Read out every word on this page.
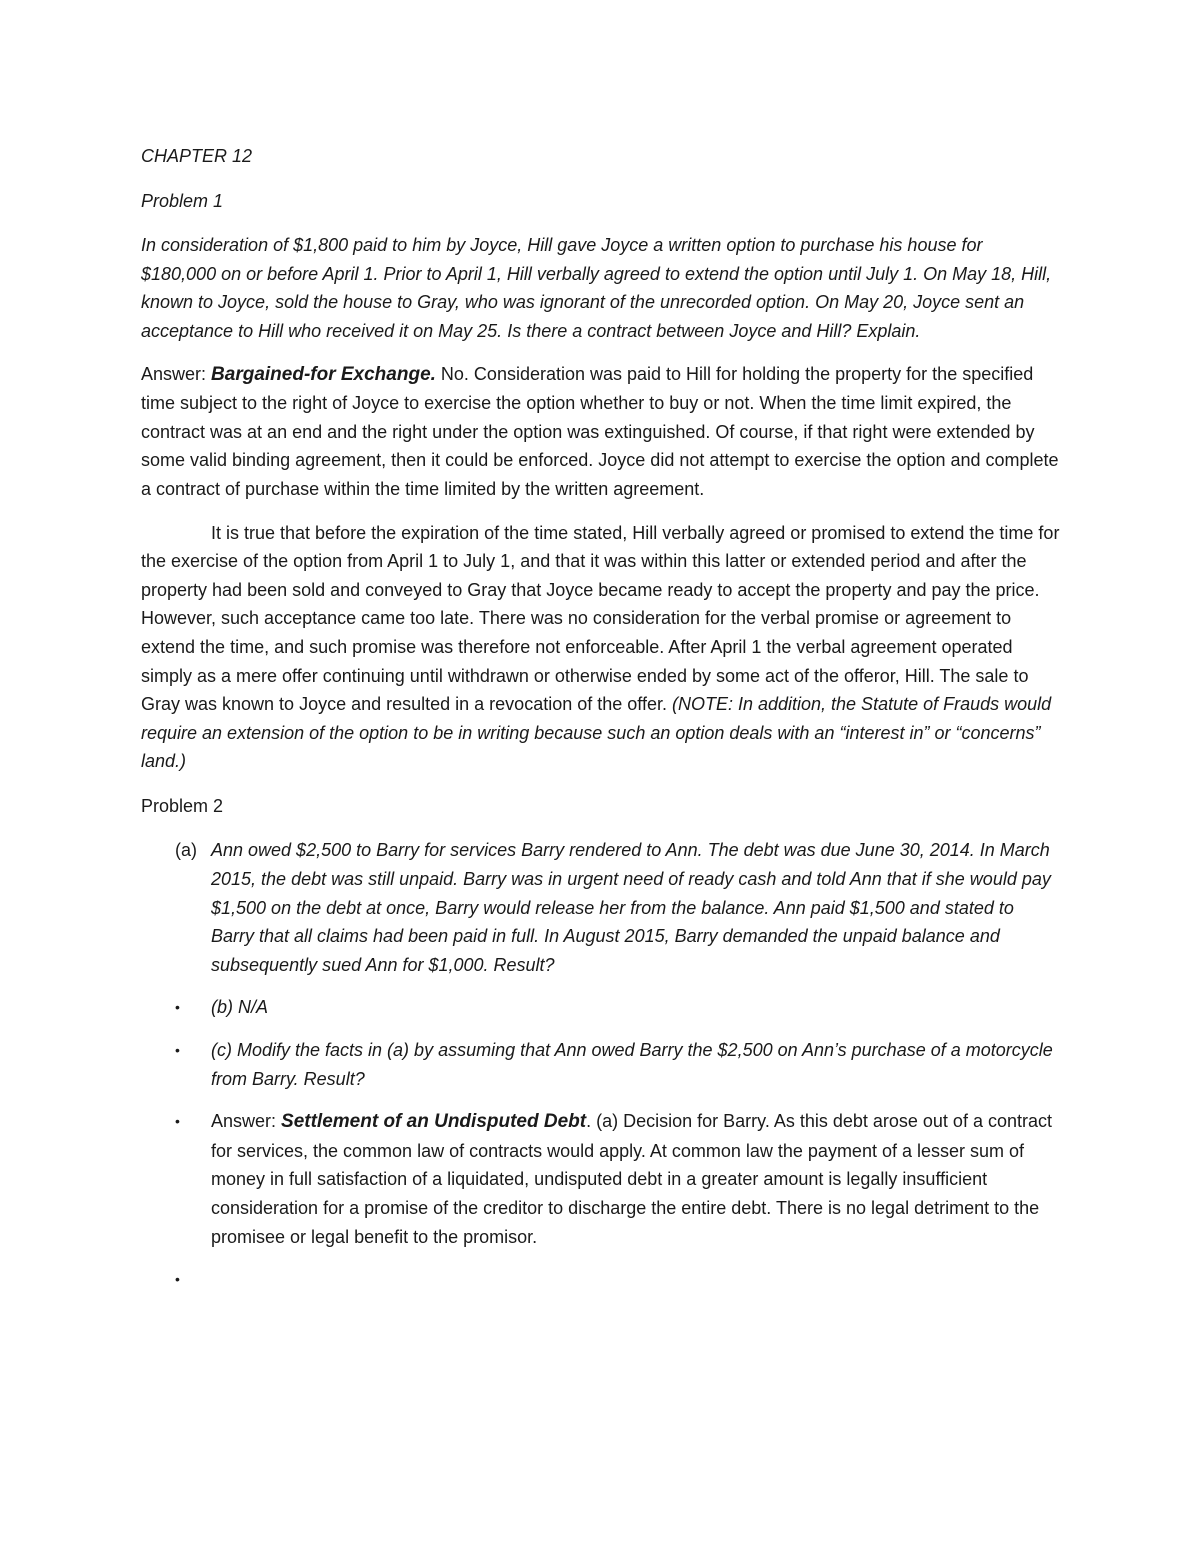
CHAPTER 12

Problem 1

In consideration of $1,800 paid to him by Joyce, Hill gave Joyce a written option to purchase his house for $180,000 on or before April 1. Prior to April 1, Hill verbally agreed to extend the option until July 1. On May 18, Hill, known to Joyce, sold the house to Gray, who was ignorant of the unrecorded option. On May 20, Joyce sent an acceptance to Hill who received it on May 25. Is there a contract between Joyce and Hill? Explain.

Answer: Bargained-for Exchange. No. Consideration was paid to Hill for holding the property for the specified time subject to the right of Joyce to exercise the option whether to buy or not. When the time limit expired, the contract was at an end and the right under the option was extinguished. Of course, if that right were extended by some valid binding agreement, then it could be enforced. Joyce did not attempt to exercise the option and complete a contract of purchase within the time limited by the written agreement.

It is true that before the expiration of the time stated, Hill verbally agreed or promised to extend the time for the exercise of the option from April 1 to July 1, and that it was within this latter or extended period and after the property had been sold and conveyed to Gray that Joyce became ready to accept the property and pay the price. However, such acceptance came too late. There was no consideration for the verbal promise or agreement to extend the time, and such promise was therefore not enforceable. After April 1 the verbal agreement operated simply as a mere offer continuing until withdrawn or otherwise ended by some act of the offeror, Hill. The sale to Gray was known to Joyce and resulted in a revocation of the offer. (NOTE: In addition, the Statute of Frauds would require an extension of the option to be in writing because such an option deals with an “interest in” or “concerns” land.)

Problem 2

(a) Ann owed $2,500 to Barry for services Barry rendered to Ann. The debt was due June 30, 2014. In March 2015, the debt was still unpaid. Barry was in urgent need of ready cash and told Ann that if she would pay $1,500 on the debt at once, Barry would release her from the balance. Ann paid $1,500 and stated to Barry that all claims had been paid in full. In August 2015, Barry demanded the unpaid balance and subsequently sued Ann for $1,000. Result?
• (b) N/A
• (c) Modify the facts in (a) by assuming that Ann owed Barry the $2,500 on Ann’s purchase of a motorcycle from Barry. Result?
• Answer: Settlement of an Undisputed Debt. (a) Decision for Barry. As this debt arose out of a contract for services, the common law of contracts would apply. At common law the payment of a lesser sum of money in full satisfaction of a liquidated, undisputed debt in a greater amount is legally insufficient consideration for a promise of the creditor to discharge the entire debt. There is no legal detriment to the promisee or legal benefit to the promisor.
•
